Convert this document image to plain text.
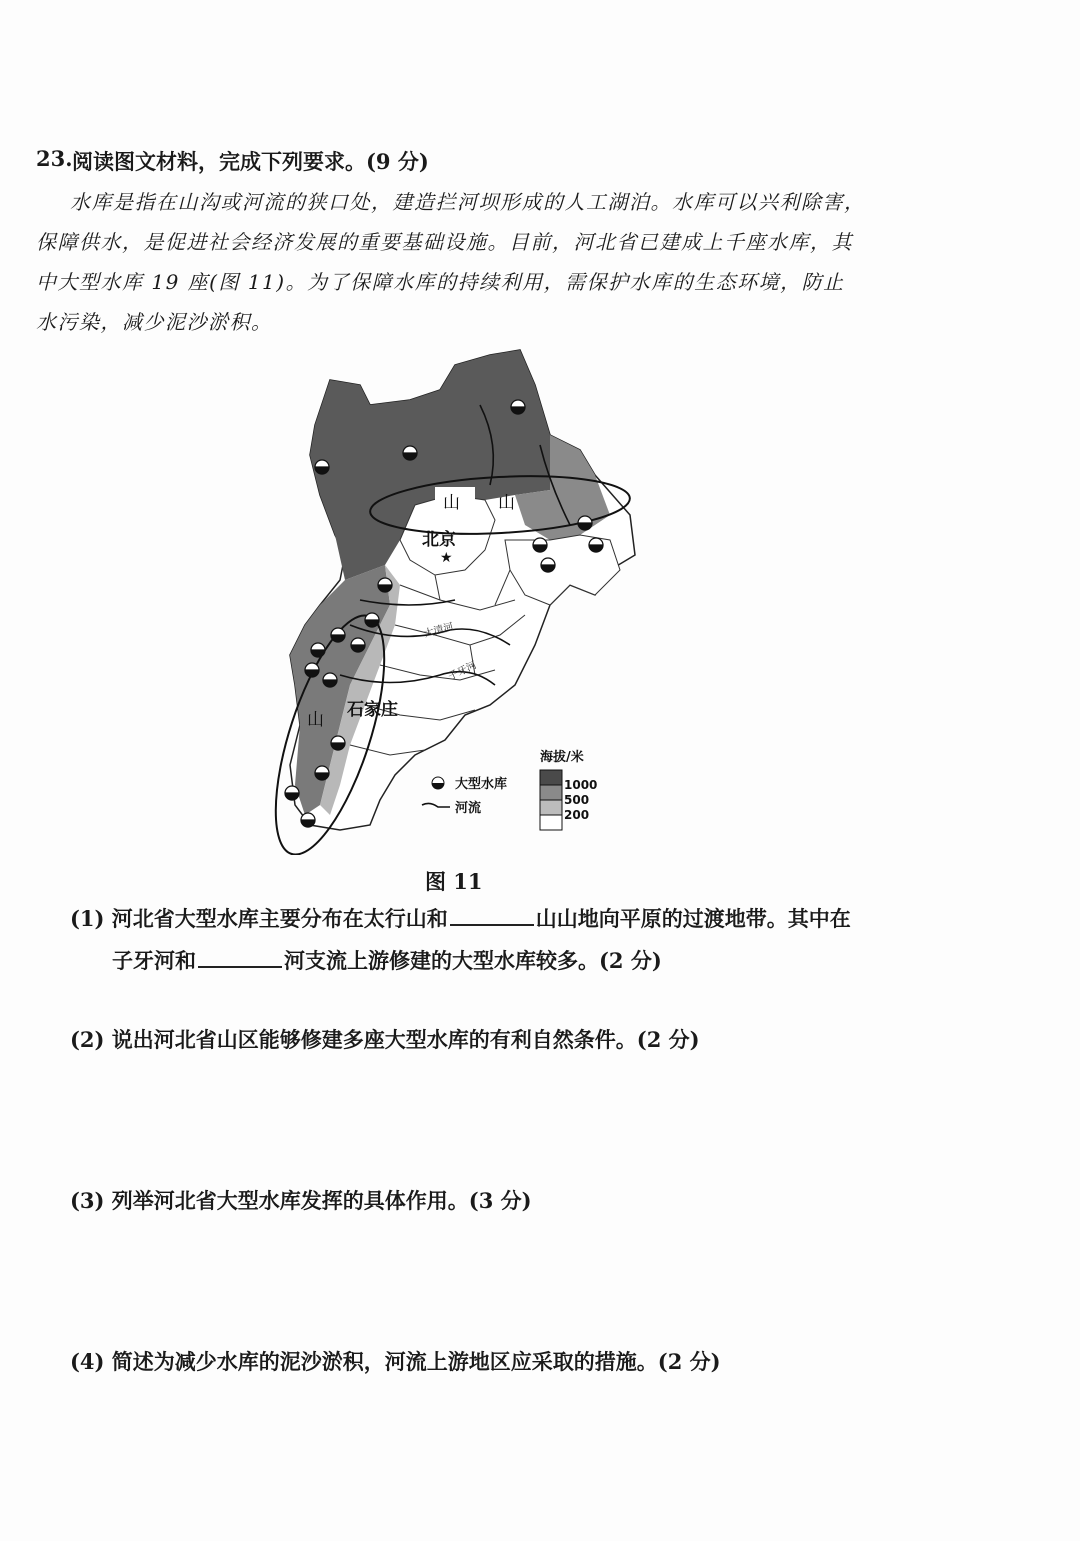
23. 阅读图文材料，完成下列要求。(9 分)
水库是指在山沟或河流的狭口处，建造拦河坝形成的人工湖泊。水库可以兴利除害，保障供水，是促进社会经济发展的重要基础设施。目前，河北省已建成上千座水库，其中大型水库 19 座(图 11)。为了保障水库的持续利用，需保护水库的生态环境，防止水污染，减少泥沙淤积。
山 山
山
北京
★
石家庄
大清河
子牙河
海拔/米
1000
500
200
大型水库
河流
图 11
(1) 河北省大型水库主要分布在太行山和	山山地向平原的过渡地带。其中在
子牙河和	河支流上游修建的大型水库较多。(2 分)
(2) 说出河北省山区能够修建多座大型水库的有利自然条件。(2 分)
(3) 列举河北省大型水库发挥的具体作用。(3 分)
(4) 简述为减少水库的泥沙淤积，河流上游地区应采取的措施。(2 分)
